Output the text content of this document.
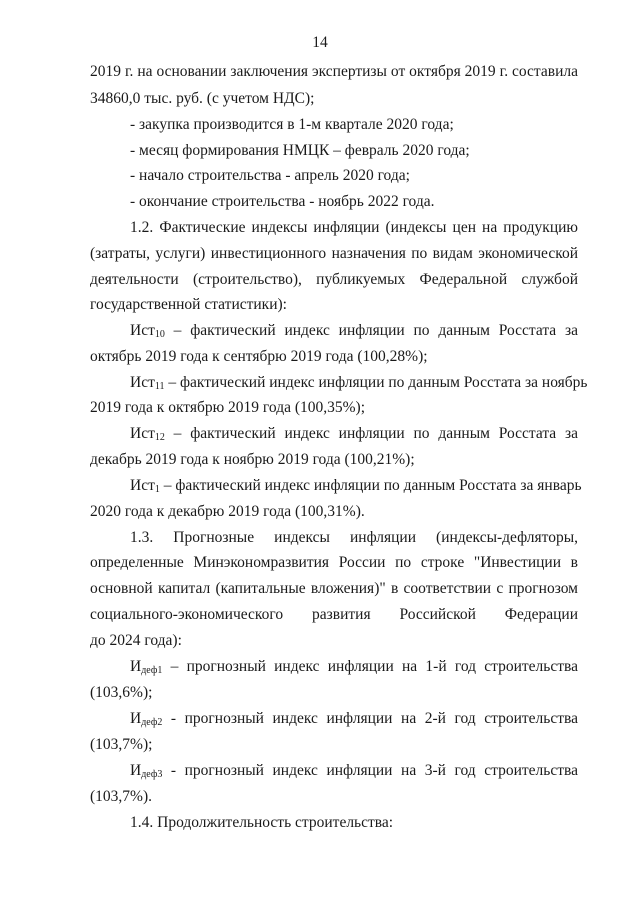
14
2019 г. на основании заключения экспертизы от октября 2019 г. составила
34860,0 тыс. руб. (с учетом НДС);
- закупка производится в 1-м квартале 2020 года;
- месяц формирования НМЦК – февраль 2020 года;
- начало строительства - апрель 2020 года;
- окончание строительства - ноябрь 2022 года.
1.2. Фактические индексы инфляции (индексы цен на продукцию
(затраты, услуги) инвестиционного назначения по видам экономической
деятельности (строительство), публикуемых Федеральной службой
государственной статистики):
Ист$_{10}$ – фактический индекс инфляции по данным Росстата за
октябрь 2019 года к сентябрю 2019 года (100,28%);
Ист$_{11}$ – фактический индекс инфляции по данным Росстата за ноябрь
2019 года к октябрю 2019 года (100,35%);
Ист$_{12}$ – фактический индекс инфляции по данным Росстата за
декабрь 2019 года к ноябрю 2019 года (100,21%);
Ист$_1$ – фактический индекс инфляции по данным Росстата за январь
2020 года к декабрю 2019 года (100,31%).
1.3. Прогнозные индексы инфляции (индексы-дефляторы,
определенные Минэкономразвития России по строке "Инвестиции в
основной капитал (капитальные вложения)" в соответствии с прогнозом
социального-экономического развития Российской Федерации
до 2024 года):
$И_{деф1}$ – прогнозный индекс инфляции на 1-й год строительства
(103,6%);
$И_{деф2}$ - прогнозный индекс инфляции на 2-й год строительства
(103,7%);
$И_{деф3}$ - прогнозный индекс инфляции на 3-й год строительства
(103,7%).
1.4. Продолжительность строительства:
